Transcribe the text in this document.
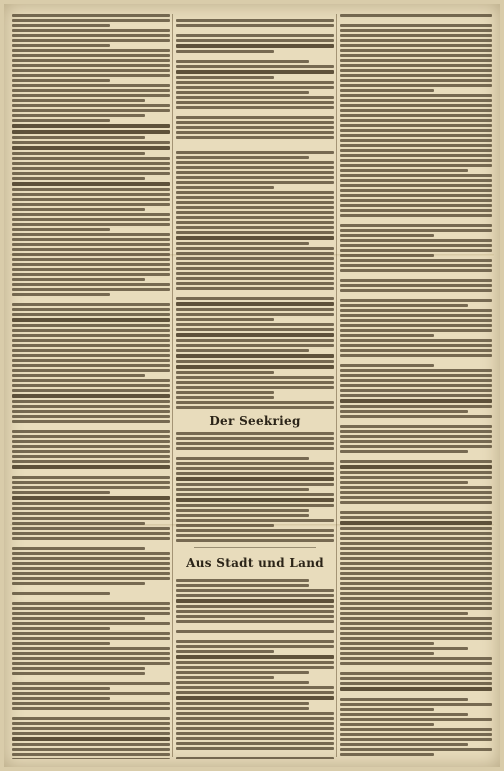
Der Seekrieg
Aus Stadt und Land
